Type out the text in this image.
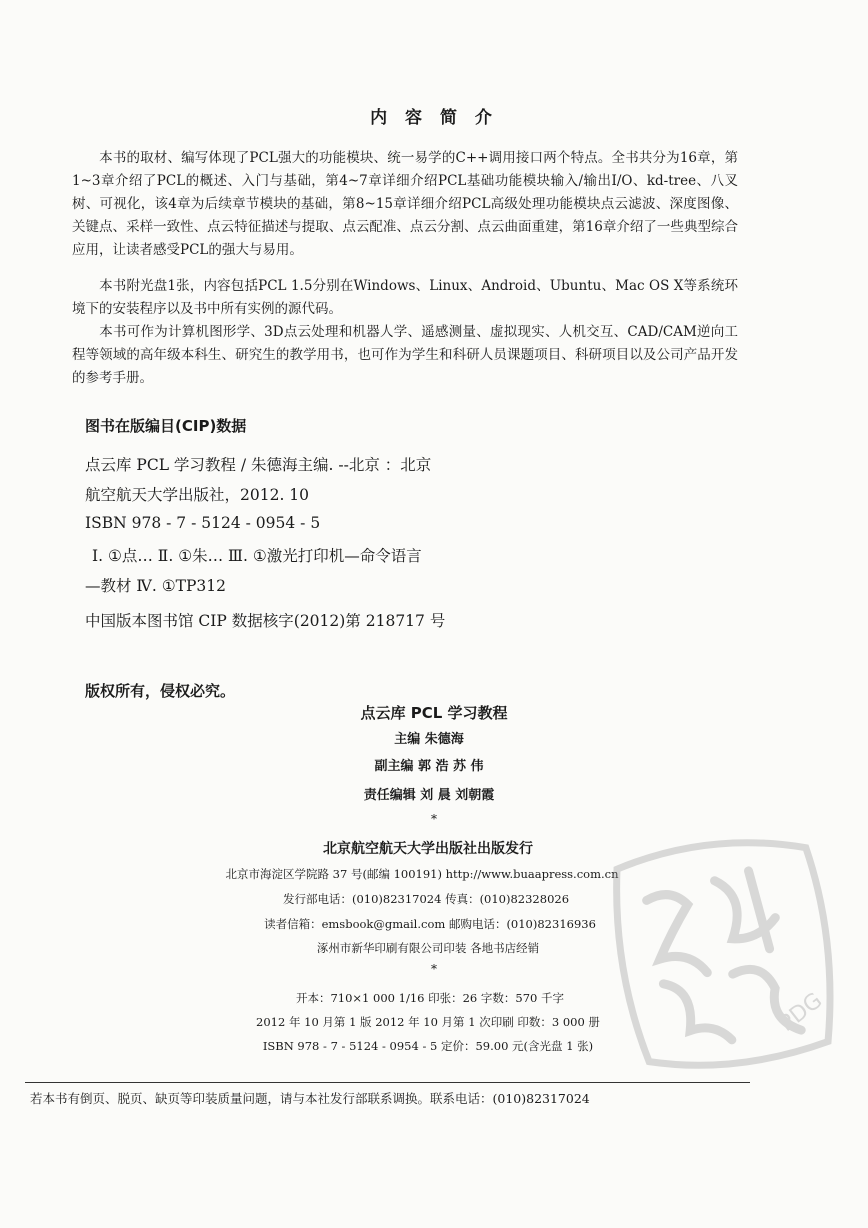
内 容 简 介
本书的取材、编写体现了PCL强大的功能模块、统一易学的C++调用接口两个特点。全书共分为16章，第1~3章介绍了PCL的概述、入门与基础，第4~7章详细介绍PCL基础功能模块输入/输出I/O、kd-tree、八叉树、可视化，该4章为后续章节模块的基础，第8~15章详细介绍PCL高级处理功能模块点云滤波、深度图像、关键点、采样一致性、点云特征描述与提取、点云配准、点云分割、点云曲面重建，第16章介绍了一些典型综合应用，让读者感受PCL的强大与易用。
本书附光盘1张，内容包括PCL 1.5分别在Windows、Linux、Android、Ubuntu、Mac OS X等系统环境下的安装程序以及书中所有实例的源代码。
本书可作为计算机图形学、3D点云处理和机器人学、遥感测量、虚拟现实、人机交互、CAD/CAM逆向工程等领域的高年级本科生、研究生的教学用书，也可作为学生和科研人员课题项目、科研项目以及公司产品开发的参考手册。
图书在版编目(CIP)数据
点云库 PCL 学习教程 / 朱德海主编. --北京 ：北京
航空航天大学出版社，2012. 10
ISBN 978 - 7 - 5124 - 0954 - 5
Ⅰ. ①点… Ⅱ. ①朱… Ⅲ. ①激光打印机—命令语言
—教材 Ⅳ. ①TP312
中国版本图书馆 CIP 数据核字(2012)第 218717 号
版权所有，侵权必究。
点云库 PCL 学习教程
主编 朱德海
副主编 郭 浩 苏 伟
责任编辑 刘 晨 刘朝霞
*
北京航空航天大学出版社出版发行
北京市海淀区学院路 37 号(邮编 100191) http://www.buaapress.com.cn
发行部电话：(010)82317024 传真：(010)82328026
读者信箱：emsbook@gmail.com 邮购电话：(010)82316936
涿州市新华印刷有限公司印装 各地书店经销
*
开本：710×1 000 1/16 印张：26 字数：570 千字
2012 年 10 月第 1 版 2012 年 10 月第 1 次印刷 印数：3 000 册
ISBN 978 - 7 - 5124 - 0954 - 5 定价：59.00 元(含光盘 1 张)
若本书有倒页、脱页、缺页等印装质量问题，请与本社发行部联系调换。联系电话：(010)82317024
PDG
